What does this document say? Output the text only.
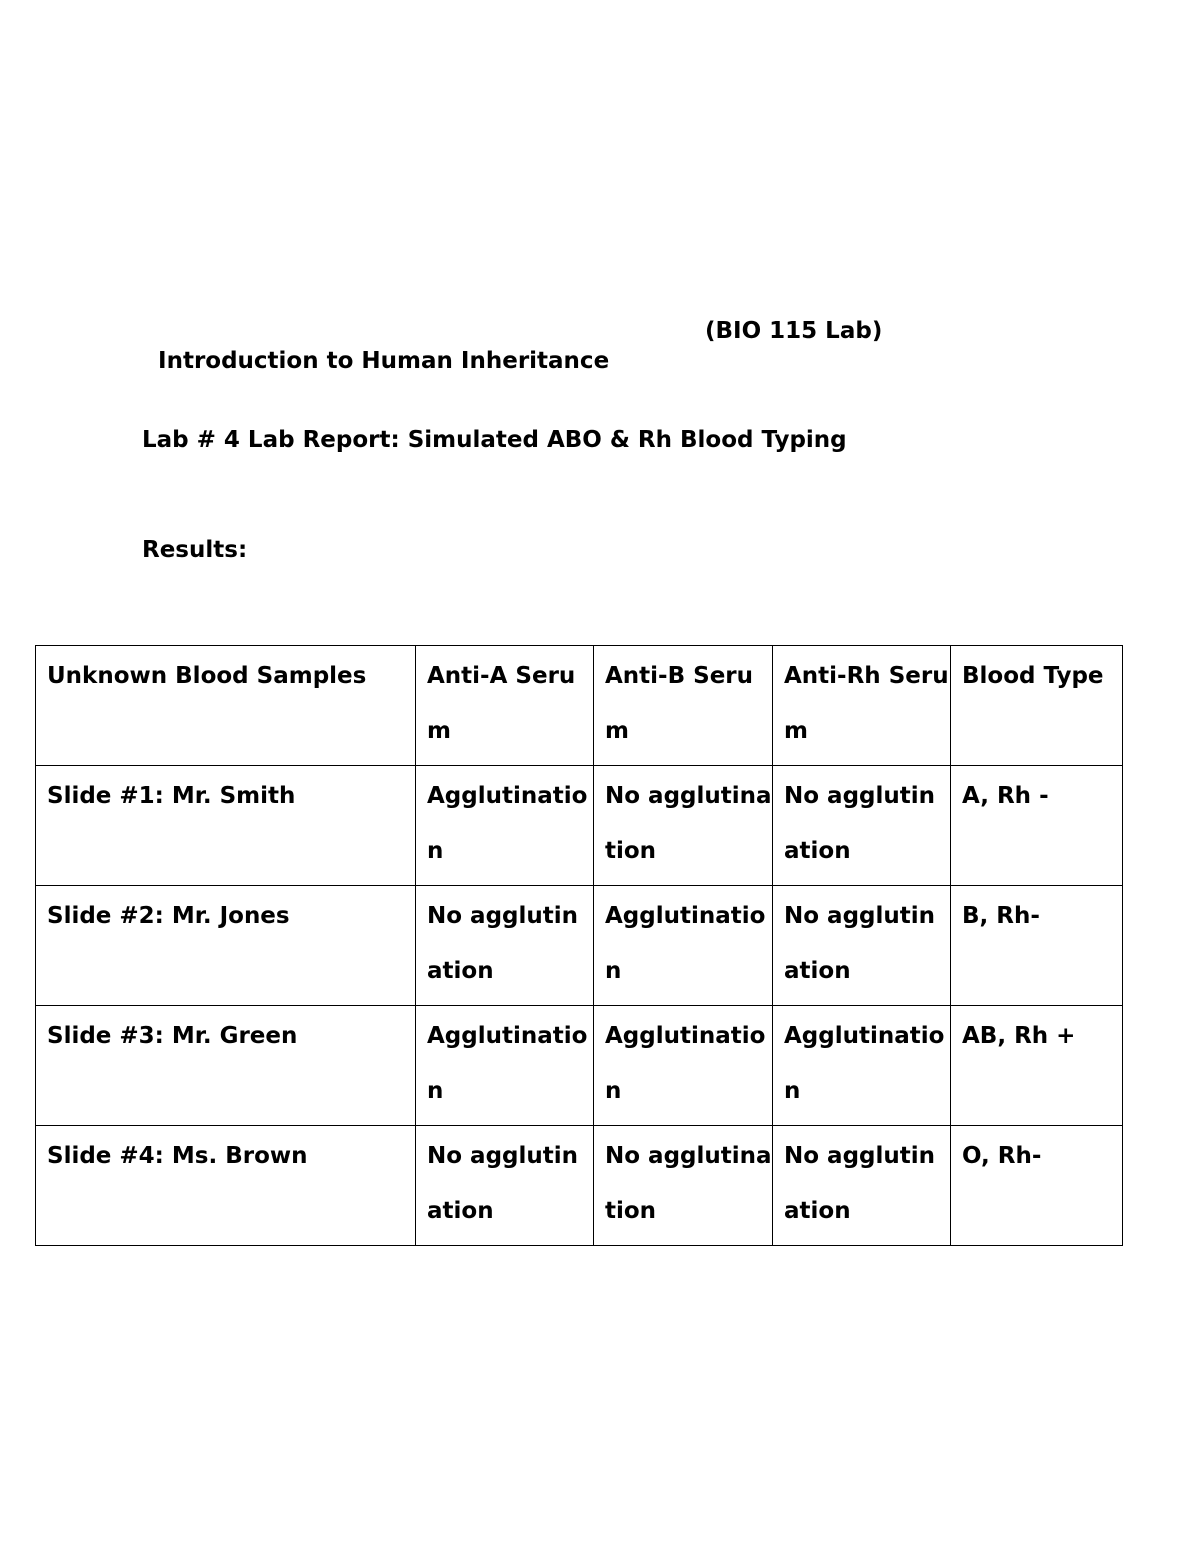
Introduction to Human Inheritance

(BIO 115 Lab)

Lab # 4 Lab Report: Simulated ABO & Rh Blood Typing
Results:
Unknown Blood Samples	Anti-A Serum	Anti-B Serum	Anti-Rh Serum	Blood Type
Slide #1: Mr. Smith	Agglutination	No agglutination	No agglutination	A, Rh -
Slide #2: Mr. Jones	No agglutination	Agglutination	No agglutination	B, Rh-
Slide #3: Mr. Green	Agglutination	Agglutination	Agglutination	AB, Rh +
Slide #4: Ms. Brown	No agglutination	No agglutination	No agglutination	O, Rh-
